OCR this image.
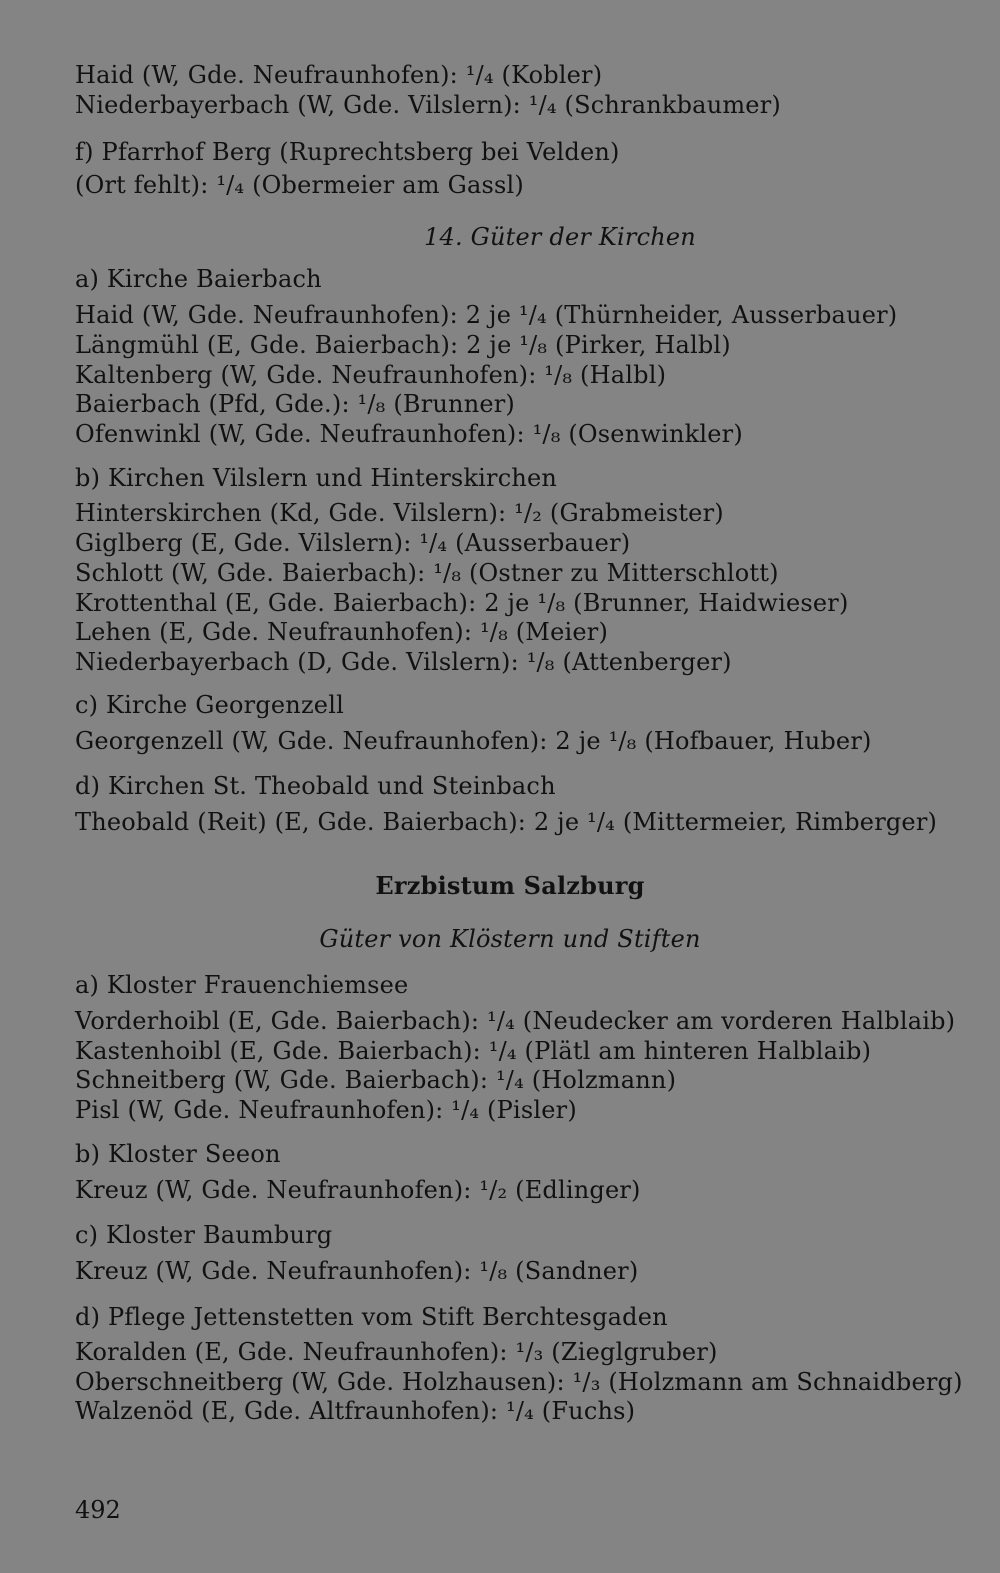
Haid (W, Gde. Neufraunhofen): ¹/₄ (Kobler)
Niederbayerbach (W, Gde. Vilslern): ¹/₄ (Schrankbaumer)
f) Pfarrhof Berg (Ruprechtsberg bei Velden)
(Ort fehlt): ¹/₄ (Obermeier am Gassl)
14. Güter der Kirchen
a) Kirche Baierbach
Haid (W, Gde. Neufraunhofen): 2 je ¹/₄ (Thürnheider, Ausserbauer)
Längmühl (E, Gde. Baierbach): 2 je ¹/₈ (Pirker, Halbl)
Kaltenberg (W, Gde. Neufraunhofen): ¹/₈ (Halbl)
Baierbach (Pfd, Gde.): ¹/₈ (Brunner)
Ofenwinkl (W, Gde. Neufraunhofen): ¹/₈ (Osenwinkler)
b) Kirchen Vilslern und Hinterskirchen
Hinterskirchen (Kd, Gde. Vilslern): ¹/₂ (Grabmeister)
Giglberg (E, Gde. Vilslern): ¹/₄ (Ausserbauer)
Schlott (W, Gde. Baierbach): ¹/₈ (Ostner zu Mitterschlott)
Krottenthal (E, Gde. Baierbach): 2 je ¹/₈ (Brunner, Haidwieser)
Lehen (E, Gde. Neufraunhofen): ¹/₈ (Meier)
Niederbayerbach (D, Gde. Vilslern): ¹/₈ (Attenberger)
c) Kirche Georgenzell
Georgenzell (W, Gde. Neufraunhofen): 2 je ¹/₈ (Hofbauer, Huber)
d) Kirchen St. Theobald und Steinbach
Theobald (Reit) (E, Gde. Baierbach): 2 je ¹/₄ (Mittermeier, Rimberger)
Erzbistum Salzburg
Güter von Klöstern und Stiften
a) Kloster Frauenchiemsee
Vorderhoibl (E, Gde. Baierbach): ¹/₄ (Neudecker am vorderen Halblaib)
Kastenhoibl (E, Gde. Baierbach): ¹/₄ (Plätl am hinteren Halblaib)
Schneitberg (W, Gde. Baierbach): ¹/₄ (Holzmann)
Pisl (W, Gde. Neufraunhofen): ¹/₄ (Pisler)
b) Kloster Seeon
Kreuz (W, Gde. Neufraunhofen): ¹/₂ (Edlinger)
c) Kloster Baumburg
Kreuz (W, Gde. Neufraunhofen): ¹/₈ (Sandner)
d) Pflege Jettenstetten vom Stift Berchtesgaden
Koralden (E, Gde. Neufraunhofen): ¹/₃ (Zieglgruber)
Oberschneitberg (W, Gde. Holzhausen): ¹/₃ (Holzmann am Schnaidberg)
Walzenöd (E, Gde. Altfraunhofen): ¹/₄ (Fuchs)
492
